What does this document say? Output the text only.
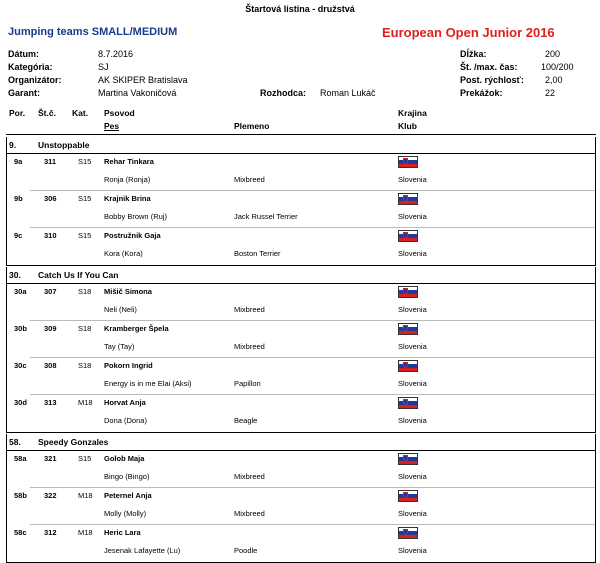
Štartová listina - družstvá
Jumping teams SMALL/MEDIUM	European Open Junior 2016
Dátum:	8.7.2016
Kategória:	SJ
Organizátor:	AK SKIPER Bratislava
Garant:	Martina Vakoničová	Rozhodca: Roman Lukáč
Dĺžka:	200
Št. /max. čas:	100/200
Post. rýchlosť: 2,00
Prekážok:	22
Por. Št.č. Kat. Psovod
Pes	Plemeno
Krajina
Klub
9.	Unstoppable
9a	311	S15 Rehar Tinkara
Ronja (Ronja)	Mixbreed	Slovenia
9b	306	S15 Krajnik Brina
Bobby Brown (Ruj)	Jack Russel Terrier	Slovenia
9c	310	S15 Postružnik Gaja
Kora (Kora)	Boston Terrier	Slovenia
30. Catch Us If You Can
30a 307	S18 Mišič Simona
Neli (Neli)	Mixbreed	Slovenia
30b 309	S18 Kramberger Špela
Tay (Tay)	Mixbreed	Slovenia
30c 308	S18 Pokorn Ingrid
Energy is in me Elai (Aksi)	Papillon	Slovenia
30d 313	M18 Horvat Anja
Dona (Dona)	Beagle	Slovenia
58. Speedy Gonzales
58a 321	S15 Golob Maja
Bingo (Bingo)	Mixbreed	Slovenia
58b 322	M18 Peternel Anja
Molly (Molly)	Mixbreed	Slovenia
58c 312	M18 Heric Lara
Jesenak Lafayette (Lu)	Poodle	Slovenia
